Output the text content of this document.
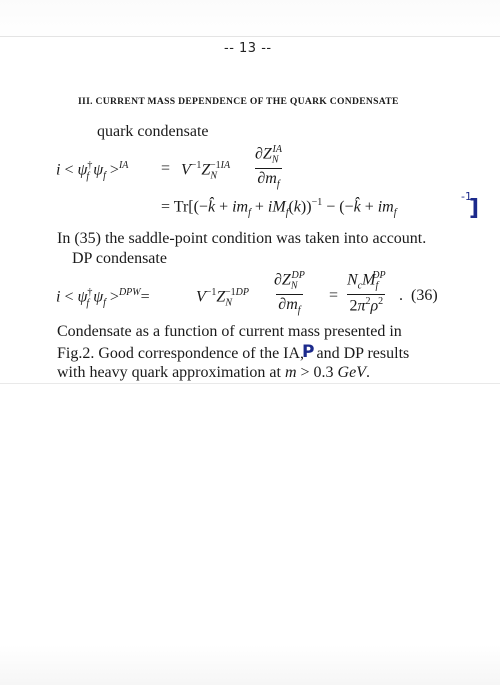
-- 13 --
III. CURRENT MASS DEPENDENCE OF THE QUARK CONDENSATE
quark condensate
$i < \psi^\dagger_f$ $\psi_f >^{IA} = V^{-1}Z_N^{-1IA}$
$\partial Z_N^{IA}$
$\partial m_f$
= Tr[(−k̂ + $im_f + iM_f(k))^{-1}$ − (−k̂ + $im_f$
-1
]
In (35) the saddle-point condition was taken into account.
DP condensate
$i < \psi^\dagger_f$ $\psi_f >^{DPW}=$	$V^{-1}Z_N^{-1DP}$
$\partial Z_N^{DP}$
$\partial m_f$
=
$N_cM_f^{DP}$
$2\pi^2\rho^2$ . (36)
Condensate as a function of current mass presented in
Fig.2. Good correspondence of the IA,P and DP results
with heavy quark approximation at m > 0.3 GeV.
